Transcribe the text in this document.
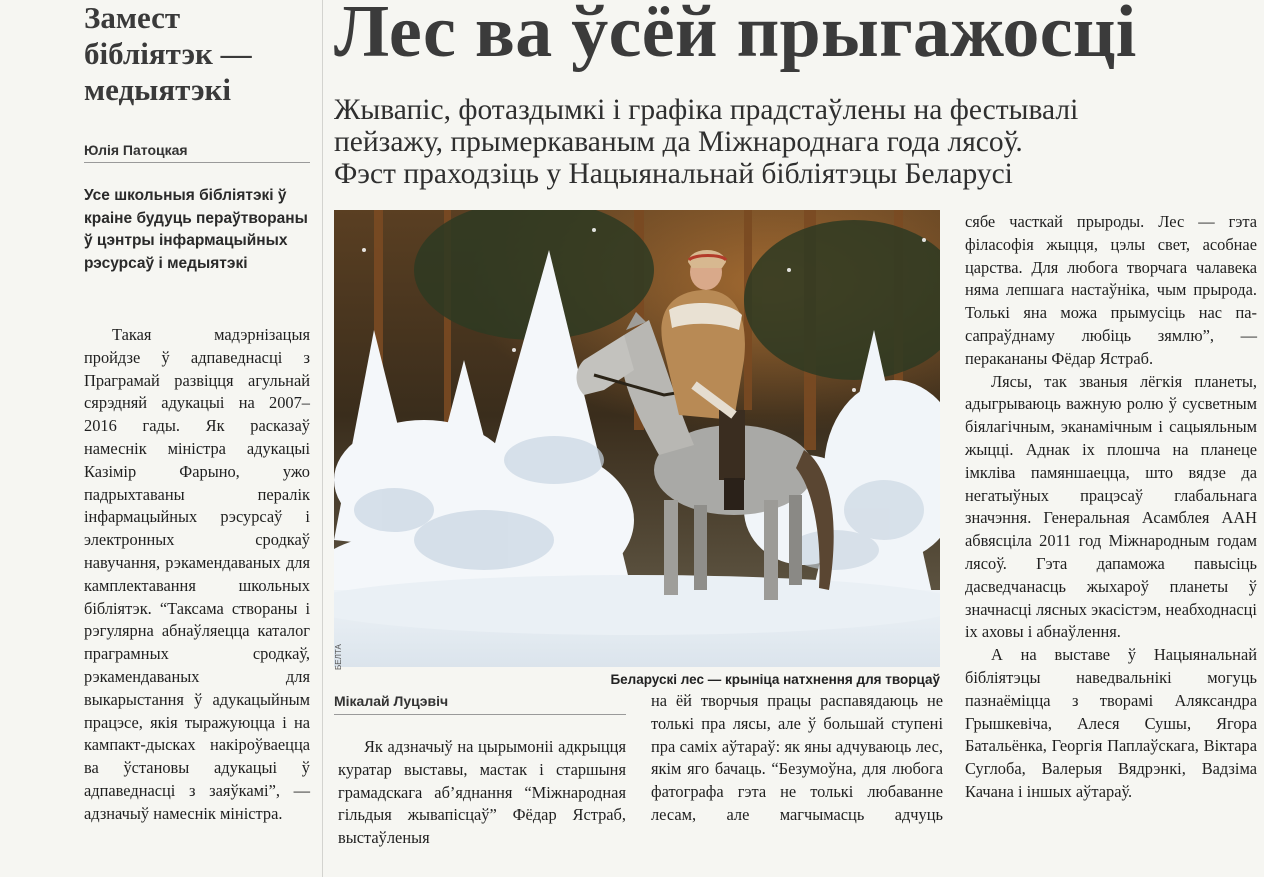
Замест
бібліятэк —
медыятэкі
Юлія Патоцкая

Усе школьныя бібліятэкі ў краіне будуць пераўтвораны ў цэнтры інфармацыйных рэсурсаў і медыятэкі

Такая мадэрнізацыя пройдзе ў адпаведнасці з Праграмай развіцця агульнай сярэдняй адукацыі на 2007–2016 гады. Як расказаў намеснік міністра адукацыі Казімір Фарыно, ужо падрыхтаваны пералік інфармацыйных рэсурсаў і электронных сродкаў навучання, рэкамендаваных для камплектавання школьных бібліятэк. “Таксама створаны і рэгулярна абнаўляецца каталог праграмных сродкаў, рэкамендаваных для выкарыстання ў адукацыйным працэсе, якія тыражуюцца і на кампакт-дысках накіроўваецца ва ўстановы адукацыі ў адпаведнасці з заяўкамі”, — адзначыў намеснік міністра.

Лес ва ўсёй прыгажосці

Жывапіс, фотаздымкі і графіка прадстаўлены на фестывалі
пейзажу, прымеркаваным да Міжнароднага года лясоў.
Фэст праходзіць у Нацыянальнай бібліятэцы Беларусі

БЕЛТА
Беларускі лес — крыніца натхнення для творцаў
Мікалай Луцэвіч

Як адзначыў на цырымоніі адкрыцця куратар выставы, мастак і старшыня грамадскага аб’яднання “Міжнародная гільдыя жывапісцаў” Фёдар Ястраб, выстаўленыя

на ёй творчыя працы распавядаюць не толькі пра лясы, але ў большай ступені пра саміх аўтараў: як яны адчуваюць лес, якім яго бачаць. “Безумоўна, для любога фатографа гэта не толькі любаванне лесам, але магчымасць адчуць

сябе часткай прыроды. Лес — гэта філасофія жыцця, цэлы свет, асобнае царства. Для любога творчага чалавека няма лепшага настаўніка, чым прырода. Толькі яна можа прымусіць нас па-сапраўднаму любіць зямлю”, — перакананы Фёдар Ястраб.

Лясы, так званыя лёгкія планеты, адыгрываюць важную ролю ў сусветным біялагічным, эканамічным і сацыяльным жыцці. Аднак іх плошча на планеце імкліва памяншаецца, што вядзе да негатыўных працэсаў глабальнага значэння. Генеральная Асамблея ААН абвясціла 2011 год Міжнародным годам лясоў. Гэта дапаможа павысіць дасведчанасць жыхароў планеты ў значнасці лясных экасістэм, неабходнасці іх аховы і абнаўлення.

А на выставе ў Нацыянальнай бібліятэцы наведвальнікі могуць пазнаёміцца з творамі Аляксандра Грышкевіча, Алеся Сушы, Ягора Батальёнка, Георгія Паплаўскага, Віктара Суглоба, Валерыя Вядрэнкі, Вадзіма Качана і іншых аўтараў.
